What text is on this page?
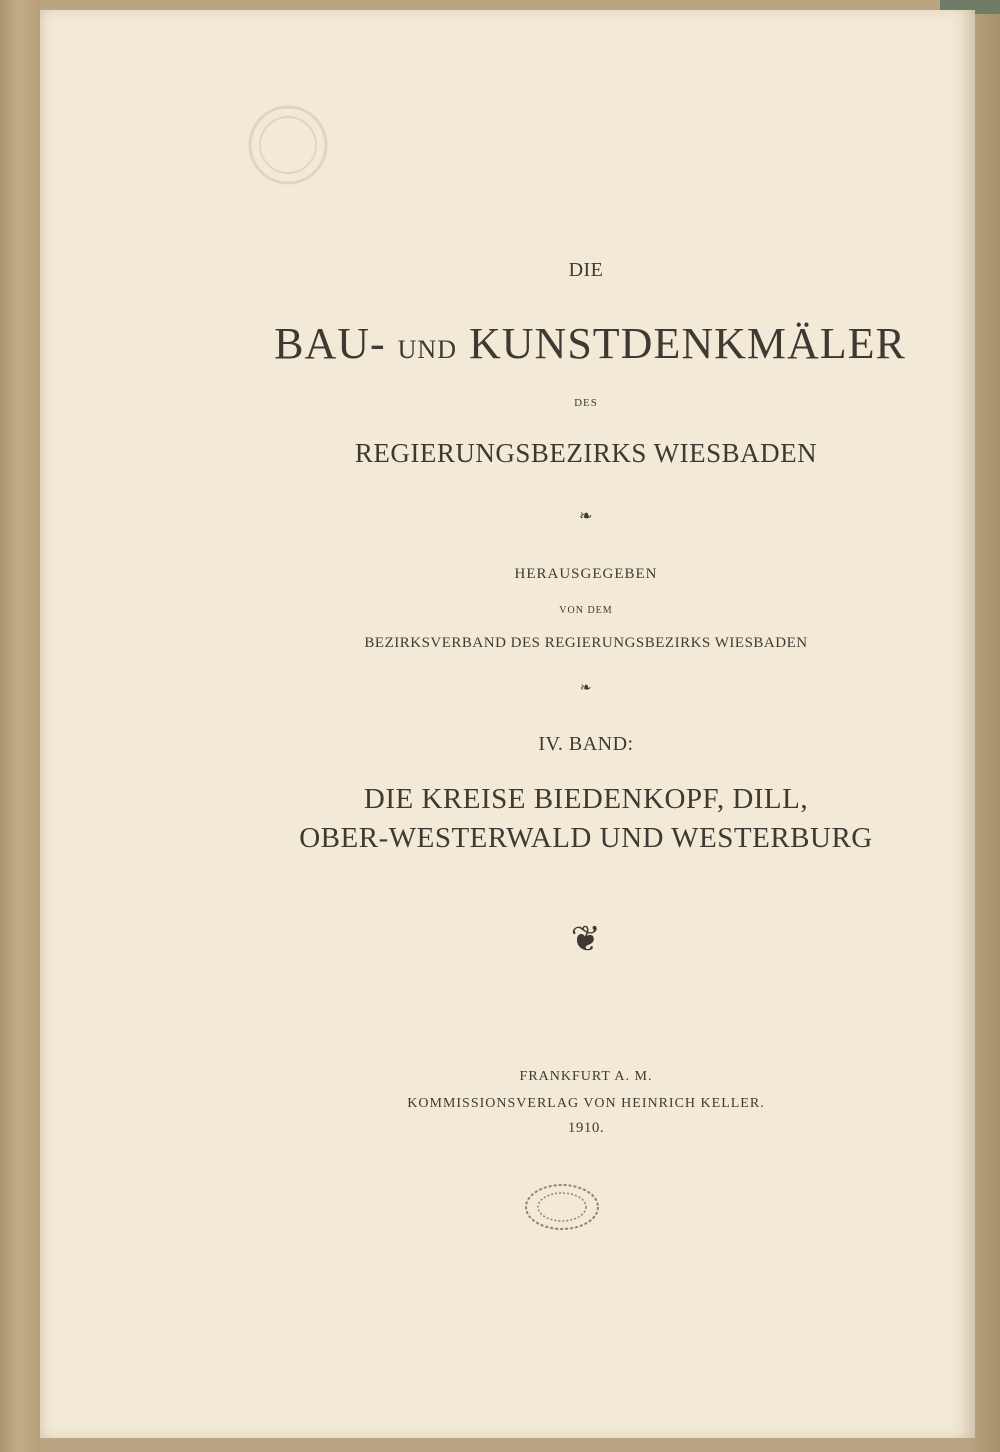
DIE
BAU- UND KUNSTDENKMÄLER
DES
REGIERUNGSBEZIRKS WIESBADEN
❧
HERAUSGEGEBEN
VON DEM
BEZIRKSVERBAND DES REGIERUNGSBEZIRKS WIESBADEN
❧
IV. BAND:
DIE KREISE BIEDENKOPF, DILL,
OBER-WESTERWALD UND WESTERBURG
❦
FRANKFURT A. M.
KOMMISSIONSVERLAG VON HEINRICH KELLER.
1910.
